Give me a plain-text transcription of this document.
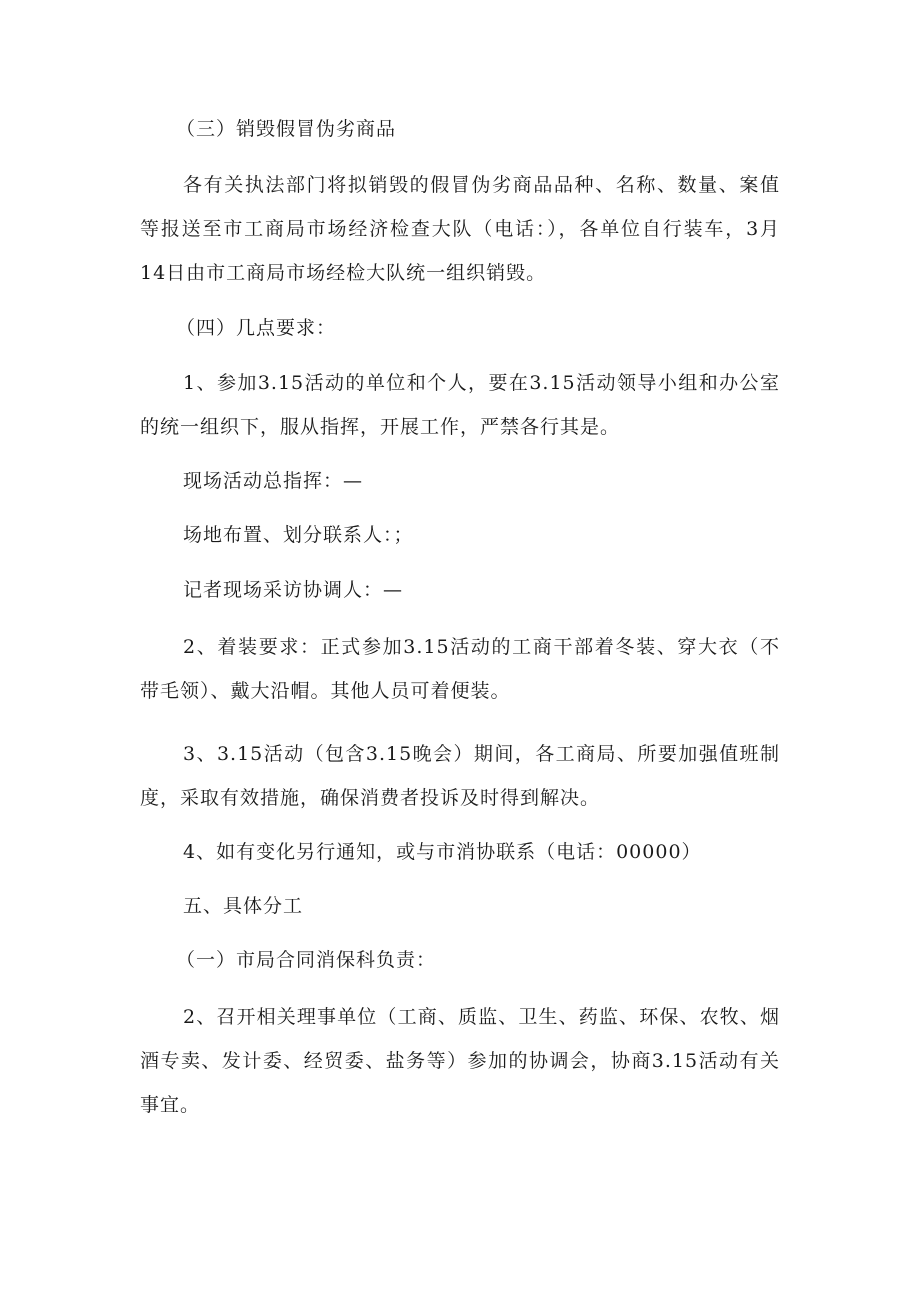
（三）销毁假冒伪劣商品
各有关执法部门将拟销毁的假冒伪劣商品品种、名称、数量、案值等报送至市工商局市场经济检查大队（电话：），各单位自行装车，3月14日由市工商局市场经检大队统一组织销毁。
（四）几点要求：
1、参加3.15活动的单位和个人，要在3.15活动领导小组和办公室的统一组织下，服从指挥，开展工作，严禁各行其是。
现场活动总指挥：—
场地布置、划分联系人：；
记者现场采访协调人：—
2、着装要求：正式参加3.15活动的工商干部着冬装、穿大衣（不带毛领）、戴大沿帽。其他人员可着便装。
3、3.15活动（包含3.15晚会）期间，各工商局、所要加强值班制度，采取有效措施，确保消费者投诉及时得到解决。
4、如有变化另行通知，或与市消协联系（电话：00000）
五、具体分工
（一）市局合同消保科负责：
2、召开相关理事单位（工商、质监、卫生、药监、环保、农牧、烟酒专卖、发计委、经贸委、盐务等）参加的协调会，协商3.15活动有关事宜。
